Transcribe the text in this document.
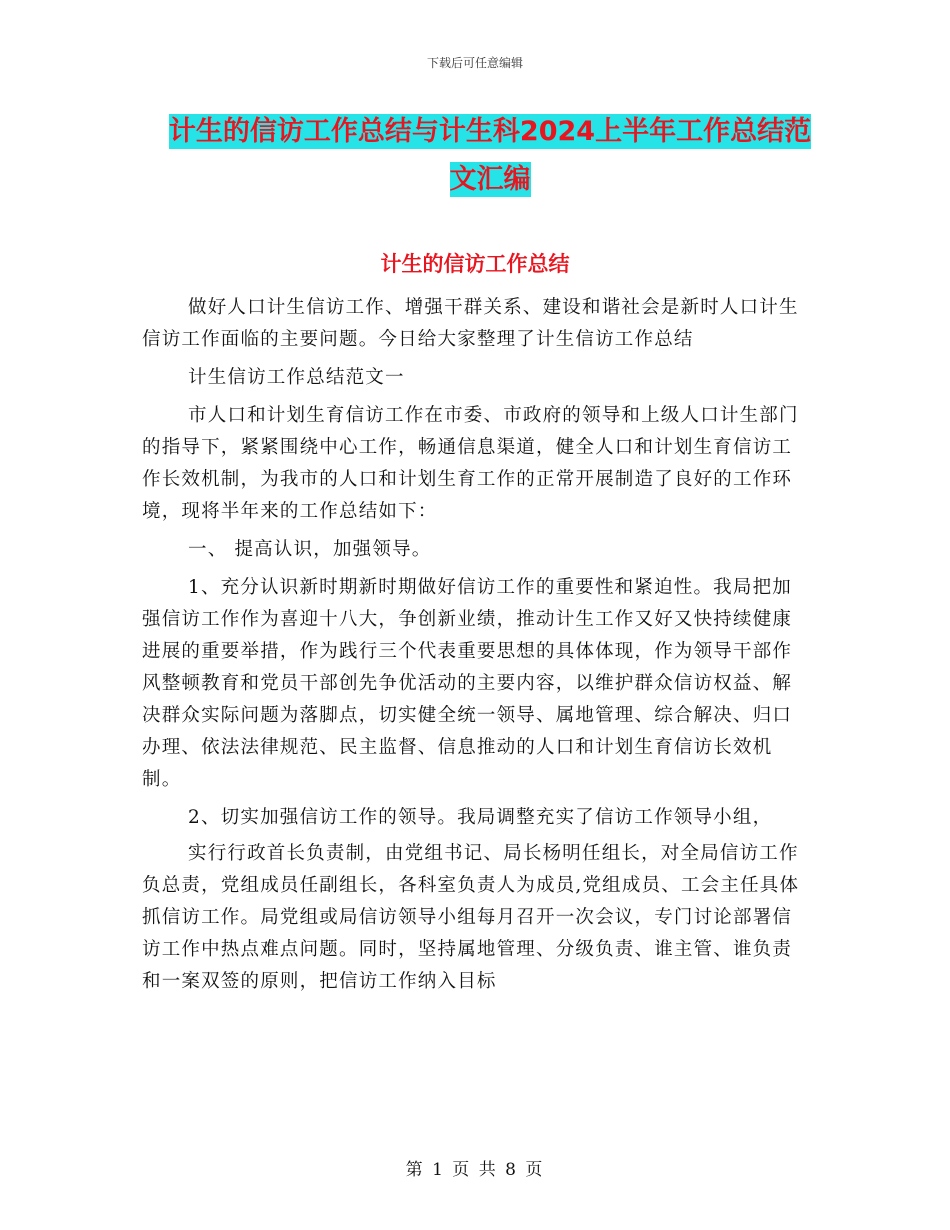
下载后可任意编辑
计生的信访工作总结与计生科2024上半年工作总结范
文汇编
计生的信访工作总结

做好人口计生信访工作、增强干群关系、建设和谐社会是新时人口计生信访工作面临的主要问题。今日给大家整理了计生信访工作总结

计生信访工作总结范文一

市人口和计划生育信访工作在市委、市政府的领导和上级人口计生部门的指导下，紧紧围绕中心工作，畅通信息渠道，健全人口和计划生育信访工作长效机制，为我市的人口和计划生育工作的正常开展制造了良好的工作环境，现将半年来的工作总结如下：

一、 提高认识，加强领导。

1、充分认识新时期新时期做好信访工作的重要性和紧迫性。我局把加强信访工作作为喜迎十八大，争创新业绩，推动计生工作又好又快持续健康进展的重要举措，作为践行三个代表重要思想的具体体现，作为领导干部作风整顿教育和党员干部创先争优活动的主要内容，以维护群众信访权益、解决群众实际问题为落脚点，切实健全统一领导、属地管理、综合解决、归口办理、依法法律规范、民主监督、信息推动的人口和计划生育信访长效机制。

2、切实加强信访工作的领导。我局调整充实了信访工作领导小组，

实行行政首长负责制，由党组书记、局长杨明任组长，对全局信访工作负总责，党组成员任副组长，各科室负责人为成员,党组成员、工会主任具体抓信访工作。局党组或局信访领导小组每月召开一次会议，专门讨论部署信访工作中热点难点问题。同时，坚持属地管理、分级负责、谁主管、谁负责和一案双签的原则，把信访工作纳入目标

第 1 页 共 8 页
